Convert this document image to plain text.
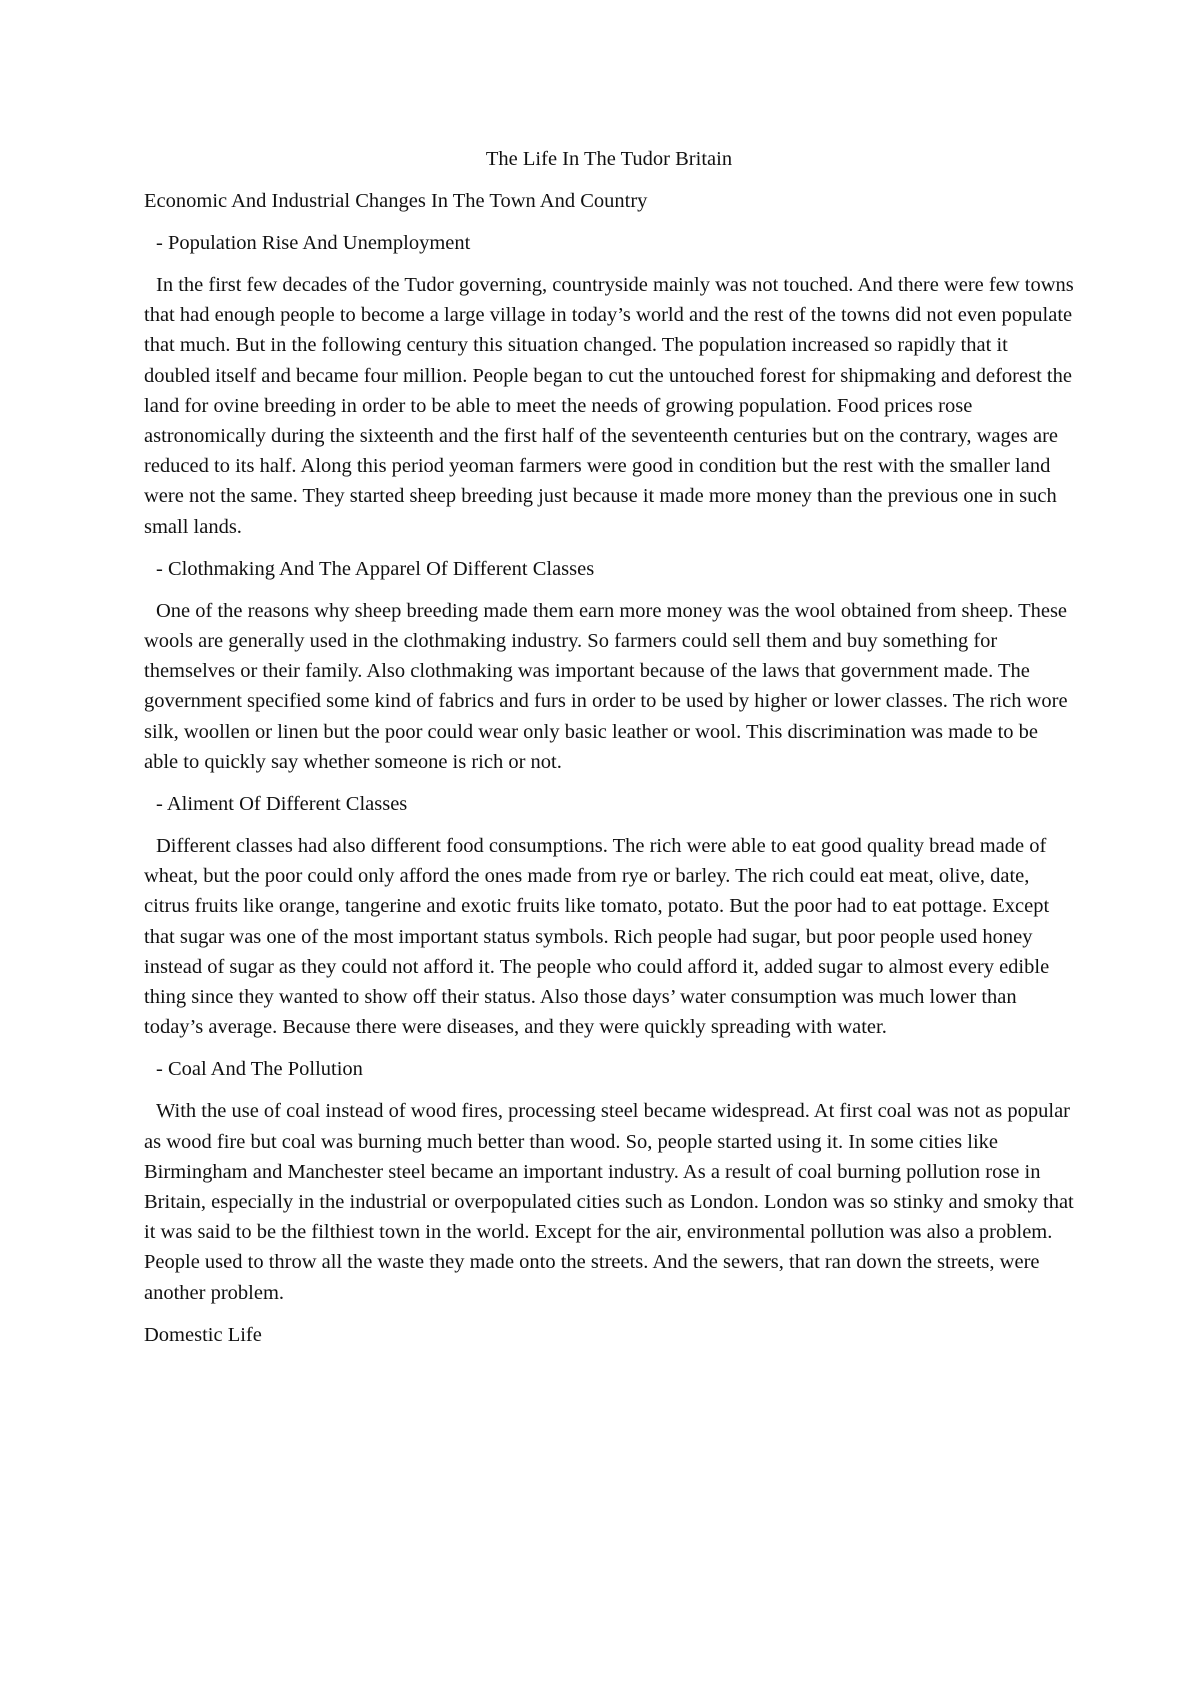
The Life In The Tudor Britain
Economic And Industrial Changes In The Town And Country
- Population Rise And Unemployment

In the first few decades of the Tudor governing, countryside mainly was not touched. And there were few towns that had enough people to become a large village in today’s world and the rest of the towns did not even populate that much. But in the following century this situation changed. The population increased so rapidly that it doubled itself and became four million. People began to cut the untouched forest for shipmaking and deforest the land for ovine breeding in order to be able to meet the needs of growing population. Food prices rose astronomically during the sixteenth and the first half of the seventeenth centuries but on the contrary, wages are reduced to its half. Along this period yeoman farmers were good in condition but the rest with the smaller land were not the same. They started sheep breeding just because it made more money than the previous one in such small lands.

- Clothmaking And The Apparel Of Different Classes

One of the reasons why sheep breeding made them earn more money was the wool obtained from sheep. These wools are generally used in the clothmaking industry. So farmers could sell them and buy something for themselves or their family. Also clothmaking was important because of the laws that government made. The government specified some kind of fabrics and furs in order to be used by higher or lower classes. The rich wore silk, woollen or linen but the poor could wear only basic leather or wool. This discrimination was made to be able to quickly say whether someone is rich or not.

- Aliment Of Different Classes

Different classes had also different food consumptions. The rich were able to eat good quality bread made of wheat, but the poor could only afford the ones made from rye or barley. The rich could eat meat, olive, date, citrus fruits like orange, tangerine and exotic fruits like tomato, potato. But the poor had to eat pottage. Except that sugar was one of the most important status symbols. Rich people had sugar, but poor people used honey instead of sugar as they could not afford it. The people who could afford it, added sugar to almost every edible thing since they wanted to show off their status. Also those days’ water consumption was much lower than today’s average. Because there were diseases, and they were quickly spreading with water.

- Coal And The Pollution

With the use of coal instead of wood fires, processing steel became widespread. At first coal was not as popular as wood fire but coal was burning much better than wood. So, people started using it. In some cities like Birmingham and Manchester steel became an important industry. As a result of coal burning pollution rose in Britain, especially in the industrial or overpopulated cities such as London. London was so stinky and smoky that it was said to be the filthiest town in the world. Except for the air, environmental pollution was also a problem. People used to throw all the waste they made onto the streets. And the sewers, that ran down the streets, were another problem.

Domestic Life
